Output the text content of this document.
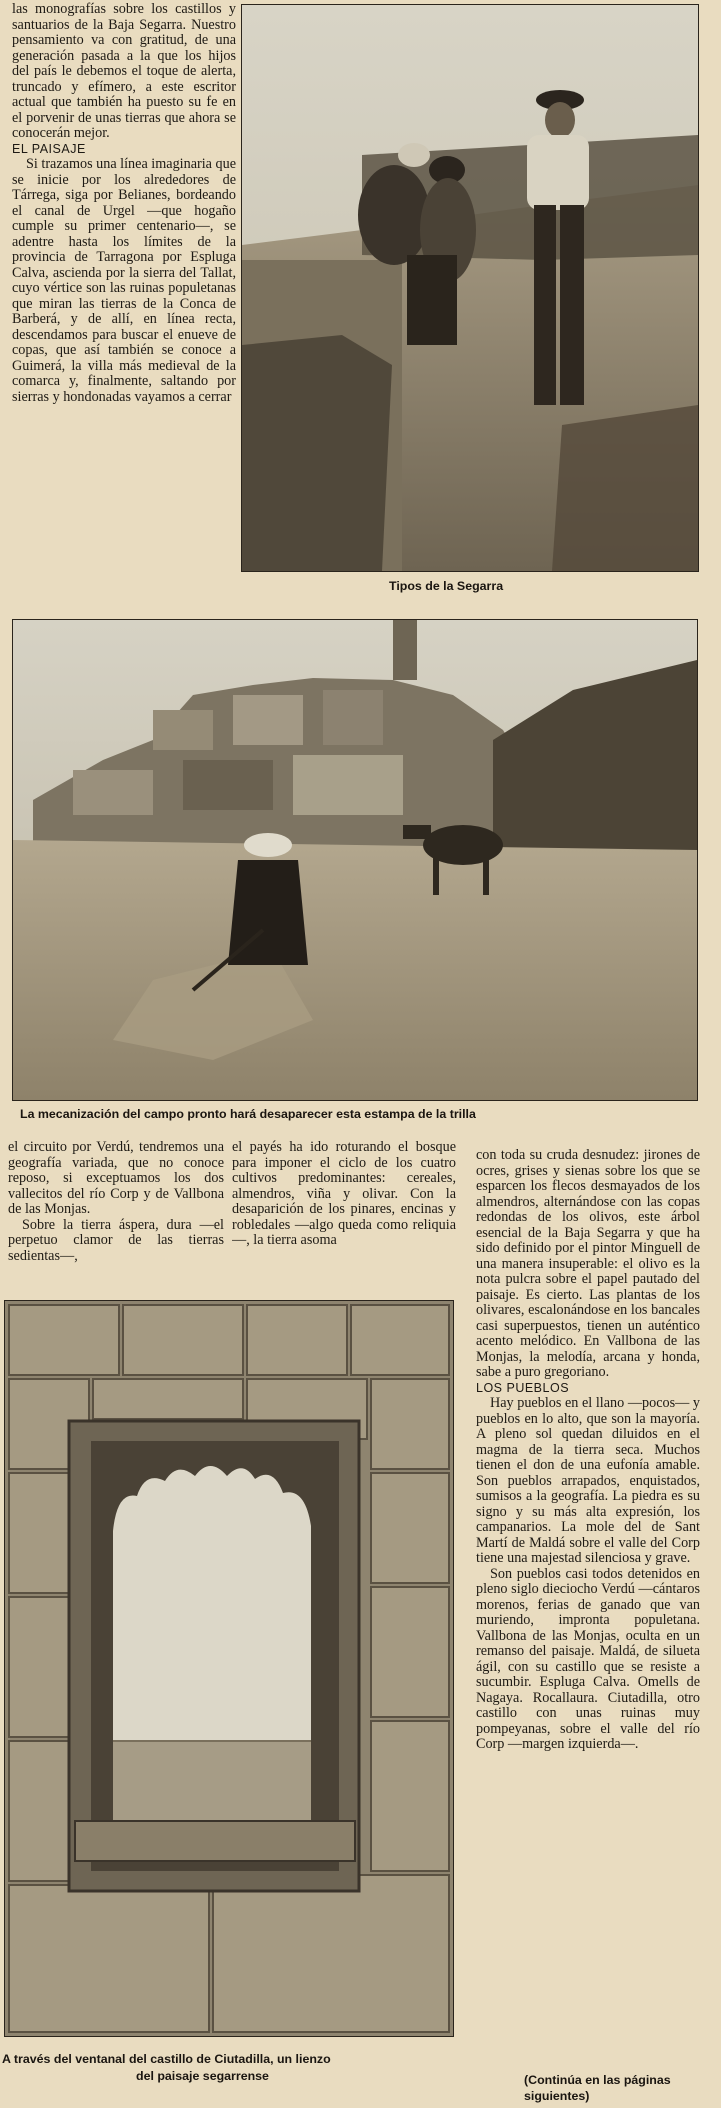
las monografías sobre los castillos y santuarios de la Baja Segarra. Nuestro pensamiento va con gratitud, de una generación pasada a la que los hijos del país le debemos el toque de alerta, truncado y efímero, a este escritor actual que también ha puesto su fe en el porvenir de unas tierras que ahora se conocerán mejor.

EL PAISAJE

Si trazamos una línea imaginaria que se inicie por los alrededores de Tárrega, siga por Belianes, bordeando el canal de Urgel —que hogaño cumple su primer centenario—, se adentre hasta los límites de la provincia de Tarragona por Espluga Calva, ascienda por la sierra del Tallat, cuyo vértice son las ruinas populetanas que miran las tierras de la Conca de Barberá, y de allí, en línea recta, descendamos para buscar el enueve de copas, que así también se conoce a Guimerá, la villa más medieval de la comarca y, finalmente, saltando por sierras y hondonadas vayamos a cerrar

Tipos de la Segarra
La mecanización del campo pronto hará desaparecer esta estampa de la trilla

el circuito por Verdú, tendremos una geografía variada, que no conoce reposo, si exceptuamos los dos vallecitos del río Corp y de Vallbona de las Monjas.

Sobre la tierra áspera, dura —el perpetuo clamor de las tierras sedientas—,

el payés ha ido roturando el bosque para imponer el ciclo de los cuatro cultivos predominantes: cereales, almendros, viña y olivar. Con la desaparición de los pinares, encinas y robledales —algo queda como reliquia—, la tierra asoma

con toda su cruda desnudez: jirones de ocres, grises y sienas sobre los que se esparcen los flecos desmayados de los almendros, alternándose con las copas redondas de los olivos, este árbol esencial de la Baja Segarra y que ha sido definido por el pintor Minguell de una manera insuperable: el olivo es la nota pulcra sobre el papel pautado del paisaje. Es cierto. Las plantas de los olivares, escalonándose en los bancales casi superpuestos, tienen un auténtico acento melódico. En Vallbona de las Monjas, la melodía, arcana y honda, sabe a puro gregoriano.

LOS PUEBLOS

Hay pueblos en el llano —pocos— y pueblos en lo alto, que son la mayoría. A pleno sol quedan diluidos en el magma de la tierra seca. Muchos tienen el don de una eufonía amable. Son pueblos arrapados, enquistados, sumisos a la geografía. La piedra es su signo y su más alta expresión, los campanarios. La mole del de Sant Martí de Maldá sobre el valle del Corp tiene una majestad silenciosa y grave.

Son pueblos casi todos detenidos en pleno siglo dieciocho Verdú —cántaros morenos, ferias de ganado que van muriendo, impronta populetana. Vallbona de las Monjas, oculta en un remanso del paisaje. Maldá, de silueta ágil, con su castillo que se resiste a sucumbir. Espluga Calva. Omells de Nagaya. Rocallaura. Ciutadilla, otro castillo con unas ruinas muy pompeyanas, sobre el valle del río Corp —margen izquierda—.

A través del ventanal del castillo de Ciutadilla, un lienzo
del paisaje segarrense	(Continúa en las páginas siguientes)
